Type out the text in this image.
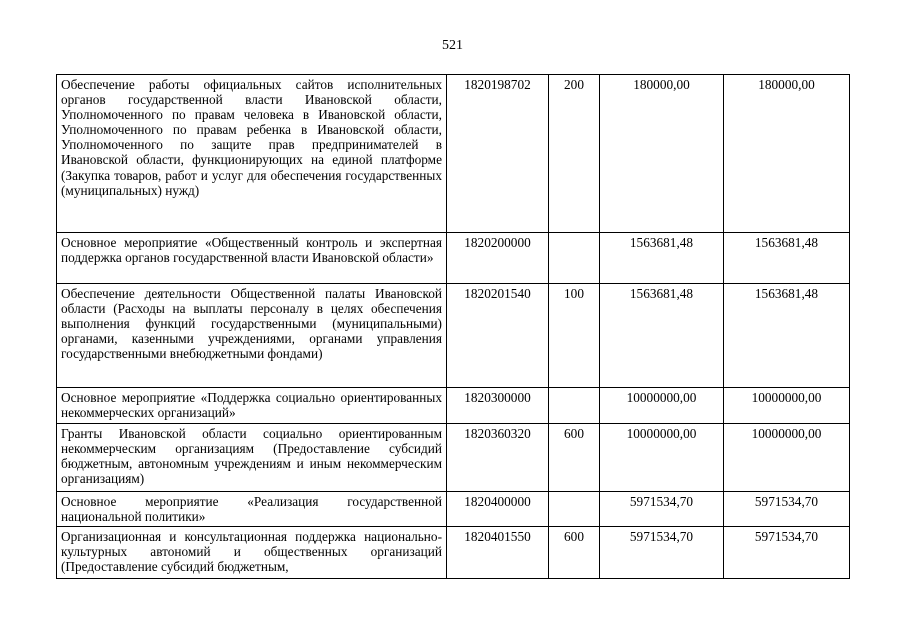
521
Обеспечение работы официальных сайтов исполнительных органов государственной власти Ивановской области, Уполномоченного по правам человека в Ивановской области, Уполномоченного по правам ребенка в Ивановской области, Уполномоченного по защите прав предпринимателей в Ивановской области, функционирующих на единой платформе (Закупка товаров, работ и услуг для обеспечения государственных (муниципальных) нужд)	1820198702	200	180000,00	180000,00
Основное мероприятие «Общественный контроль и экспертная поддержка органов государственной власти Ивановской области»	1820200000		1563681,48	1563681,48
Обеспечение деятельности Общественной палаты Ивановской области (Расходы на выплаты персоналу в целях обеспечения выполнения функций государственными (муниципальными) органами, казенными учреждениями, органами управления государственными внебюджетными фондами)	1820201540	100	1563681,48	1563681,48
Основное мероприятие «Поддержка социально ориентированных некоммерческих организаций»	1820300000		10000000,00	10000000,00
Гранты Ивановской области социально ориентированным некоммерческим организациям (Предоставление субсидий бюджетным, автономным учреждениям и иным некоммерческим организациям)	1820360320	600	10000000,00	10000000,00
Основное мероприятие «Реализация государственной национальной политики»	1820400000		5971534,70	5971534,70

Организационная и консультационная поддержка национально-культурных автономий и общественных организаций (Предоставление субсидий бюджетным,	1820401550	600	5971534,70	5971534,70
